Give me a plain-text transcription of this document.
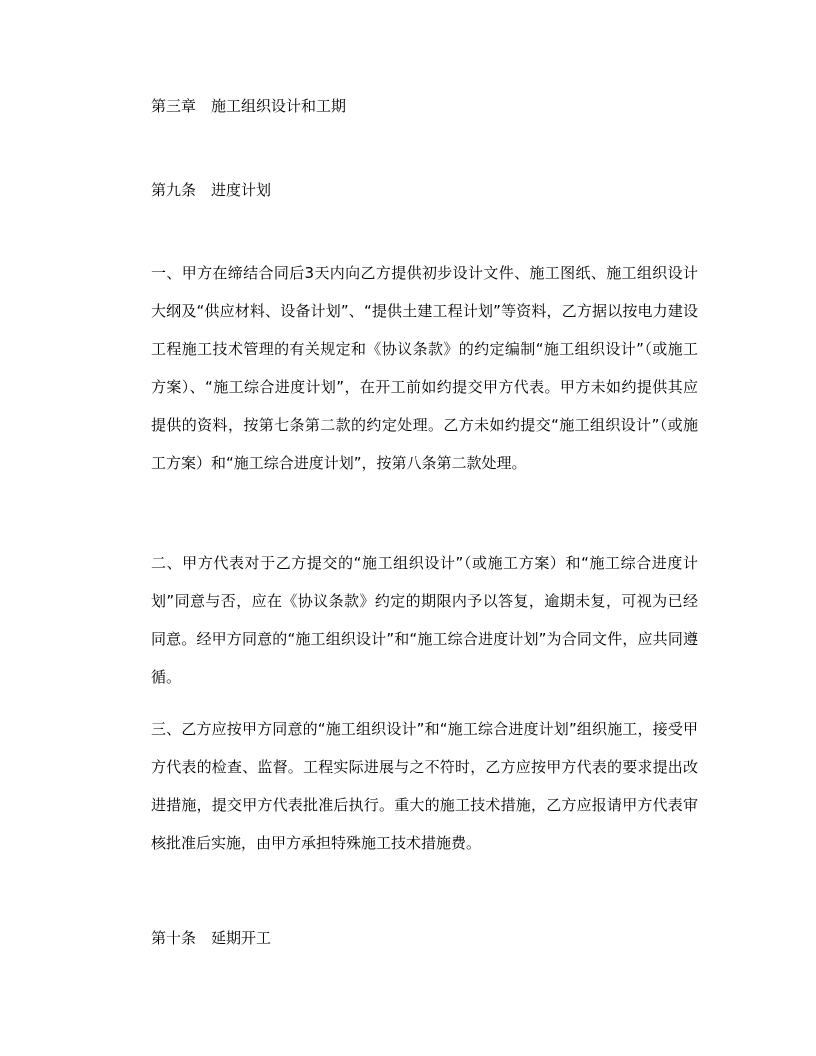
第三章　施工组织设计和工期

第九条　进度计划

一、甲方在缔结合同后3天内向乙方提供初步设计文件、施工图纸、施工组织设计大纲及“供应材料、设备计划”、“提供土建工程计划”等资料，乙方据以按电力建设工程施工技术管理的有关规定和《协议条款》的约定编制“施工组织设计”（或施工方案）、“施工综合进度计划”，在开工前如约提交甲方代表。甲方未如约提供其应提供的资料，按第七条第二款的约定处理。乙方未如约提交“施工组织设计”（或施工方案）和“施工综合进度计划”，按第八条第二款处理。

二、甲方代表对于乙方提交的“施工组织设计”（或施工方案）和“施工综合进度计划”同意与否，应在《协议条款》约定的期限内予以答复，逾期未复，可视为已经同意。经甲方同意的“施工组织设计”和“施工综合进度计划”为合同文件，应共同遵循。

三、乙方应按甲方同意的“施工组织设计”和“施工综合进度计划”组织施工，接受甲方代表的检查、监督。工程实际进展与之不符时，乙方应按甲方代表的要求提出改进措施，提交甲方代表批准后执行。重大的施工技术措施，乙方应报请甲方代表审核批准后实施，由甲方承担特殊施工技术措施费。

第十条　延期开工
